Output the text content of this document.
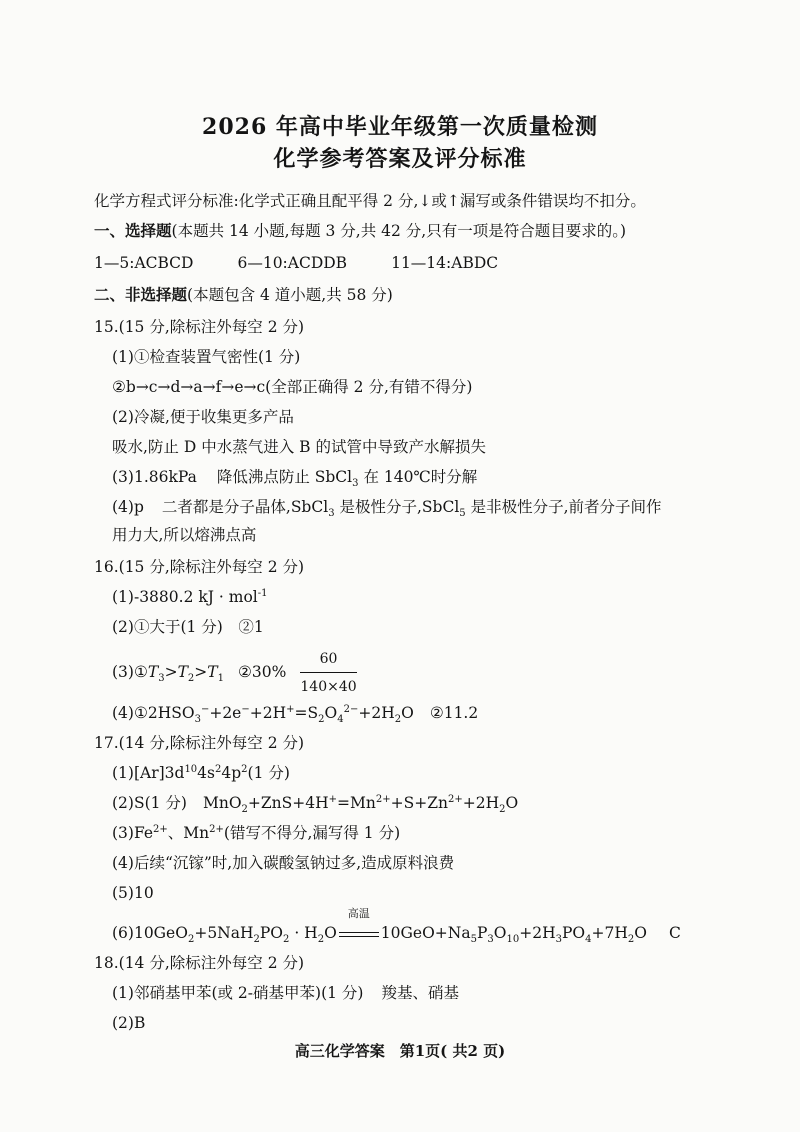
2026 年高中毕业年级第一次质量检测
化学参考答案及评分标准
化学方程式评分标准:化学式正确且配平得 2 分,↓或↑漏写或条件错误均不扣分。
一、选择题(本题共 14 小题,每题 3 分,共 42 分,只有一项是符合题目要求的。)
1—5:ACBCD	6—10:ACDDB	11—14:ABDC
二、非选择题(本题包含 4 道小题,共 58 分)
15.(15 分,除标注外每空 2 分)
(1)①检查装置气密性(1 分)
②b→c→d→a→f→e→c(全部正确得 2 分,有错不得分)
(2)冷凝,便于收集更多产品
吸水,防止 D 中水蒸气进入 B 的试管中导致产水解损失
(3)1.86kPa 降低沸点防止 SbCl$_3$ 在 140℃时分解
(4)p 二者都是分子晶体,SbCl$_3$ 是极性分子,SbCl$_5$ 是非极性分子,前者分子间作
用力大,所以熔沸点高
16.(15 分,除标注外每空 2 分)
(1)-3880.2 kJ · mol$^{-1}$
(2)①大于(1 分)　②1
$(3)①T_3>T_2>T_1$ ②30% $\frac{60}{140\times 40}$
$(4)①2HSO_3^-+2e^-+2H^+=S_2O_4^{2-}+2H_2O$ ②11.2
17.(14 分,除标注外每空 2 分)
$(1)[Ar]3d^{10}4s^24p^2(1$ 分)
(2)S(1 分) $MnO_2+ZnS+4H^+=Mn^{2+}+S+Zn^{2+}+2H_2O$
$(3)Fe^{2+}$、$Mn^{2+}$(错写不得分,漏写得 1 分)
(4)后续“沉镓”时,加入碳酸氢钠过多,造成原料浪费
(5)10
$(6)10GeO_2+5NaH_2PO_2 \cdot H_2O$
高温
$10GeO+Na_5P_3O_{10}+2H_3PO_4+7H_2O$ C
18.(14 分,除标注外每空 2 分)
(1)邻硝基甲苯(或 2-硝基甲苯)(1 分) 羧基、硝基
(2)B
高三化学答案　第1页( 共2 页)
